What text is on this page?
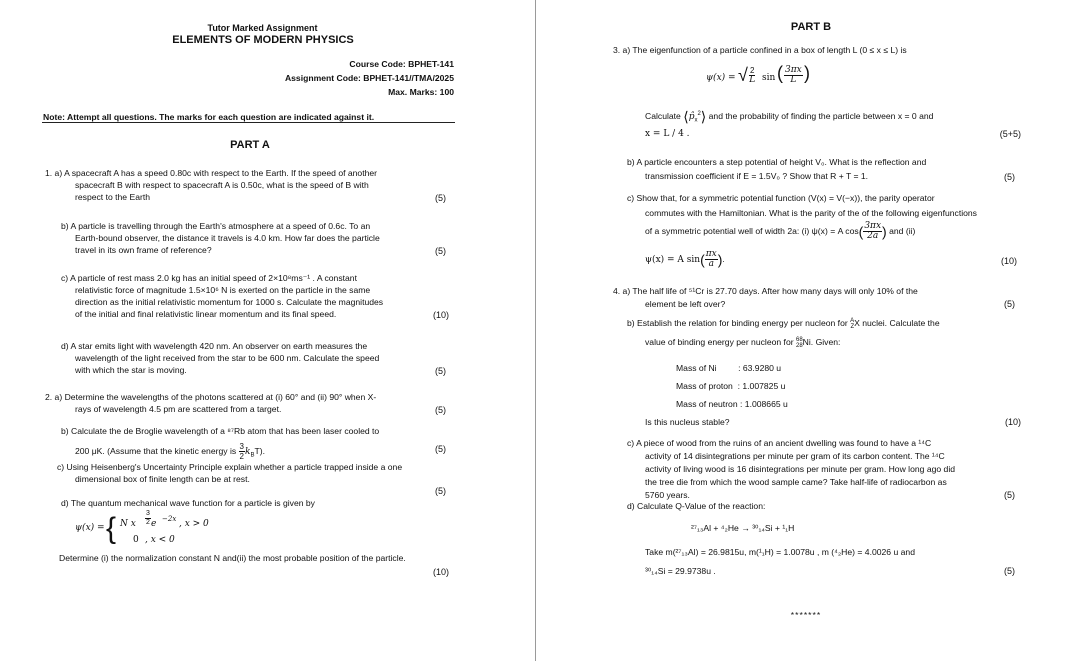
Tutor Marked Assignment
ELEMENTS OF MODERN PHYSICS
Course Code: BPHET-141
Assignment Code: BPHET-141//TMA/2025
Max. Marks: 100
Note: Attempt all questions. The marks for each question are indicated against it.
PART A
1. a) A spacecraft A has a speed 0.80c with respect to the Earth. If the speed of another
spacecraft B with respect to spacecraft A is 0.50c, what is the speed of B with
respect to the Earth	(5)
b) A particle is travelling through the Earth's atmosphere at a speed of 0.6c. To an
Earth-bound observer, the distance it travels is 4.0 km. How far does the particle
travel in its own frame of reference?	(5)
c) A particle of rest mass 2.0 kg has an initial speed of 2×10⁸ms⁻¹ . A constant
relativistic force of magnitude 1.5×10⁶ N is exerted on the particle in the same
direction as the initial relativistic momentum for 1000 s. Calculate the magnitudes
of the initial and final relativistic linear momentum and its final speed.	(10)
d) A star emits light with wavelength 420 nm. An observer on earth measures the
wavelength of the light received from the star to be 600 nm. Calculate the speed
with which the star is moving.	(5)
2. a) Determine the wavelengths of the photons scattered at (i) 60° and (ii) 90° when X-
rays of wavelength 4.5 pm are scattered from a target.	(5)
b) Calculate the de Broglie wavelength of a ⁸⁷Rb atom that has been laser cooled to
200 μK. (Assume that the kinetic energy is $\frac{3}{2} k_BT$).	(5)
c) Using Heisenberg's Uncertainty Principle explain whether a particle trapped inside a one
dimensional box of finite length can be at rest.
(5)
d) The quantum mechanical wave function for a particle is given by
ψ(x) = { N x $\frac{3}{2}$ e −2x , x > 0
0 , x < 0
Determine (i) the normalization constant N and(ii) the most probable position of the particle.
(10)
PART B
3. a) The eigenfunction of a particle confined in a box of length L (0 ≤ x ≤ L) is
ψ(x) = √ $\frac{2}{L}$ sin ( $\frac{3\pi x}{L}$ )
Calculate $⟨p̂_x^2⟩$ and the probability of finding the particle between x = 0 and
x = L / 4 .	(5+5)
b) A particle encounters a step potential of height V₀. What is the reflection and
transmission coefficient if E = 1.5V₀ ? Show that R + T = 1.	(5)
c) Show that, for a symmetric potential function (V(x) = V(−x)), the parity operator
commutes with the Hamiltonian. What is the parity of the of the following eigenfunctions
of a symmetric potential well of width 2a: (i) ψ(x) = A $\cos( \frac{3\pi x}{2a}$ ) and (ii)
ψ(x) = A $\sin( \frac{\pi x}{a}$ ).	(10)
4. a) The half life of ⁵¹Cr is 27.70 days. After how many days will only 10% of the
element be left over?	(5)
b) Establish the relation for binding energy per nucleon for A
Z X nuclei. Calculate the
value of binding energy per nucleon for 68
28 Ni. Given:
Mass of Ni         : 63.9280 u
Mass of proton  : 1.007825 u
Mass of neutron : 1.008665 u
Is this nucleus stable?	(10)
c) A piece of wood from the ruins of an ancient dwelling was found to have a ¹⁴C
activity of 14 disintegrations per minute per gram of its carbon content. The ¹⁴C
activity of living wood is 16 disintegrations per minute per gram. How long ago did
the tree die from which the wood sample came? Take half-life of radiocarbon as
5760 years.	(5)
d) Calculate Q-Value of the reaction:
²⁷₁₃Al + ⁴₂He → ³⁰₁₄Si + ¹₁H
Take m(²⁷₁₃Al) = 26.9815u, m(¹₁H) = 1.0078u , m (⁴₂He) = 4.0026 u and
³⁰₁₄Si = 29.9738u .	(5)
*******
